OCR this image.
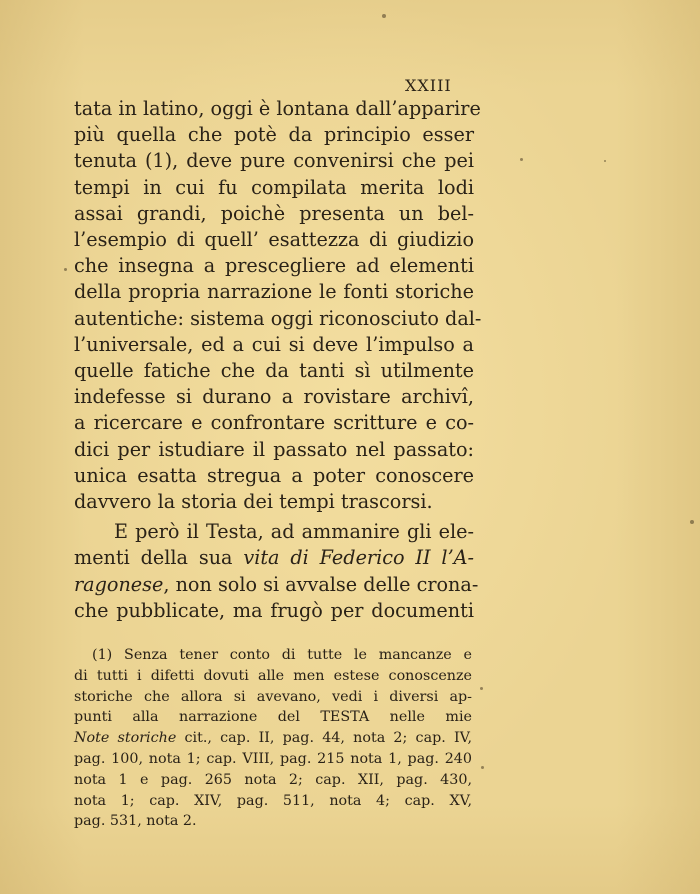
XXIII
tata in latino, oggi è lontana dall’apparire
più quella che potè da principio esser
tenuta (1), deve pure convenirsi che pei
tempi in cui fu compilata merita lodi
assai grandi, poichè presenta un bel-
l’esempio di quell’ esattezza di giudizio
che insegna a prescegliere ad elementi
della propria narrazione le fonti storiche
autentiche: sistema oggi riconosciuto dal-
l’universale, ed a cui si deve l’impulso a
quelle fatiche che da tanti sì utilmente
indefesse si durano a rovistare archivî,
a ricercare e confrontare scritture e co-
dici per istudiare il passato nel passato:
unica esatta stregua a poter conoscere
davvero la storia dei tempi trascorsi.
E però il Testa, ad ammanire gli ele-
menti della sua vita di Federico II l’A-
ragonese, non solo si avvalse delle crona-
che pubblicate, ma frugò per documenti
(1) Senza tener conto di tutte le mancanze e
di tutti i difetti dovuti alle men estese conoscenze
storiche che allora si avevano, vedi i diversi ap-
punti alla narrazione del TESTA nelle mie
Note storiche cit., cap. II, pag. 44, nota 2; cap. IV,
pag. 100, nota 1; cap. VIII, pag. 215 nota 1, pag. 240
nota 1 e pag. 265 nota 2; cap. XII, pag. 430,
nota 1; cap. XIV, pag. 511, nota 4; cap. XV,
pag. 531, nota 2.
